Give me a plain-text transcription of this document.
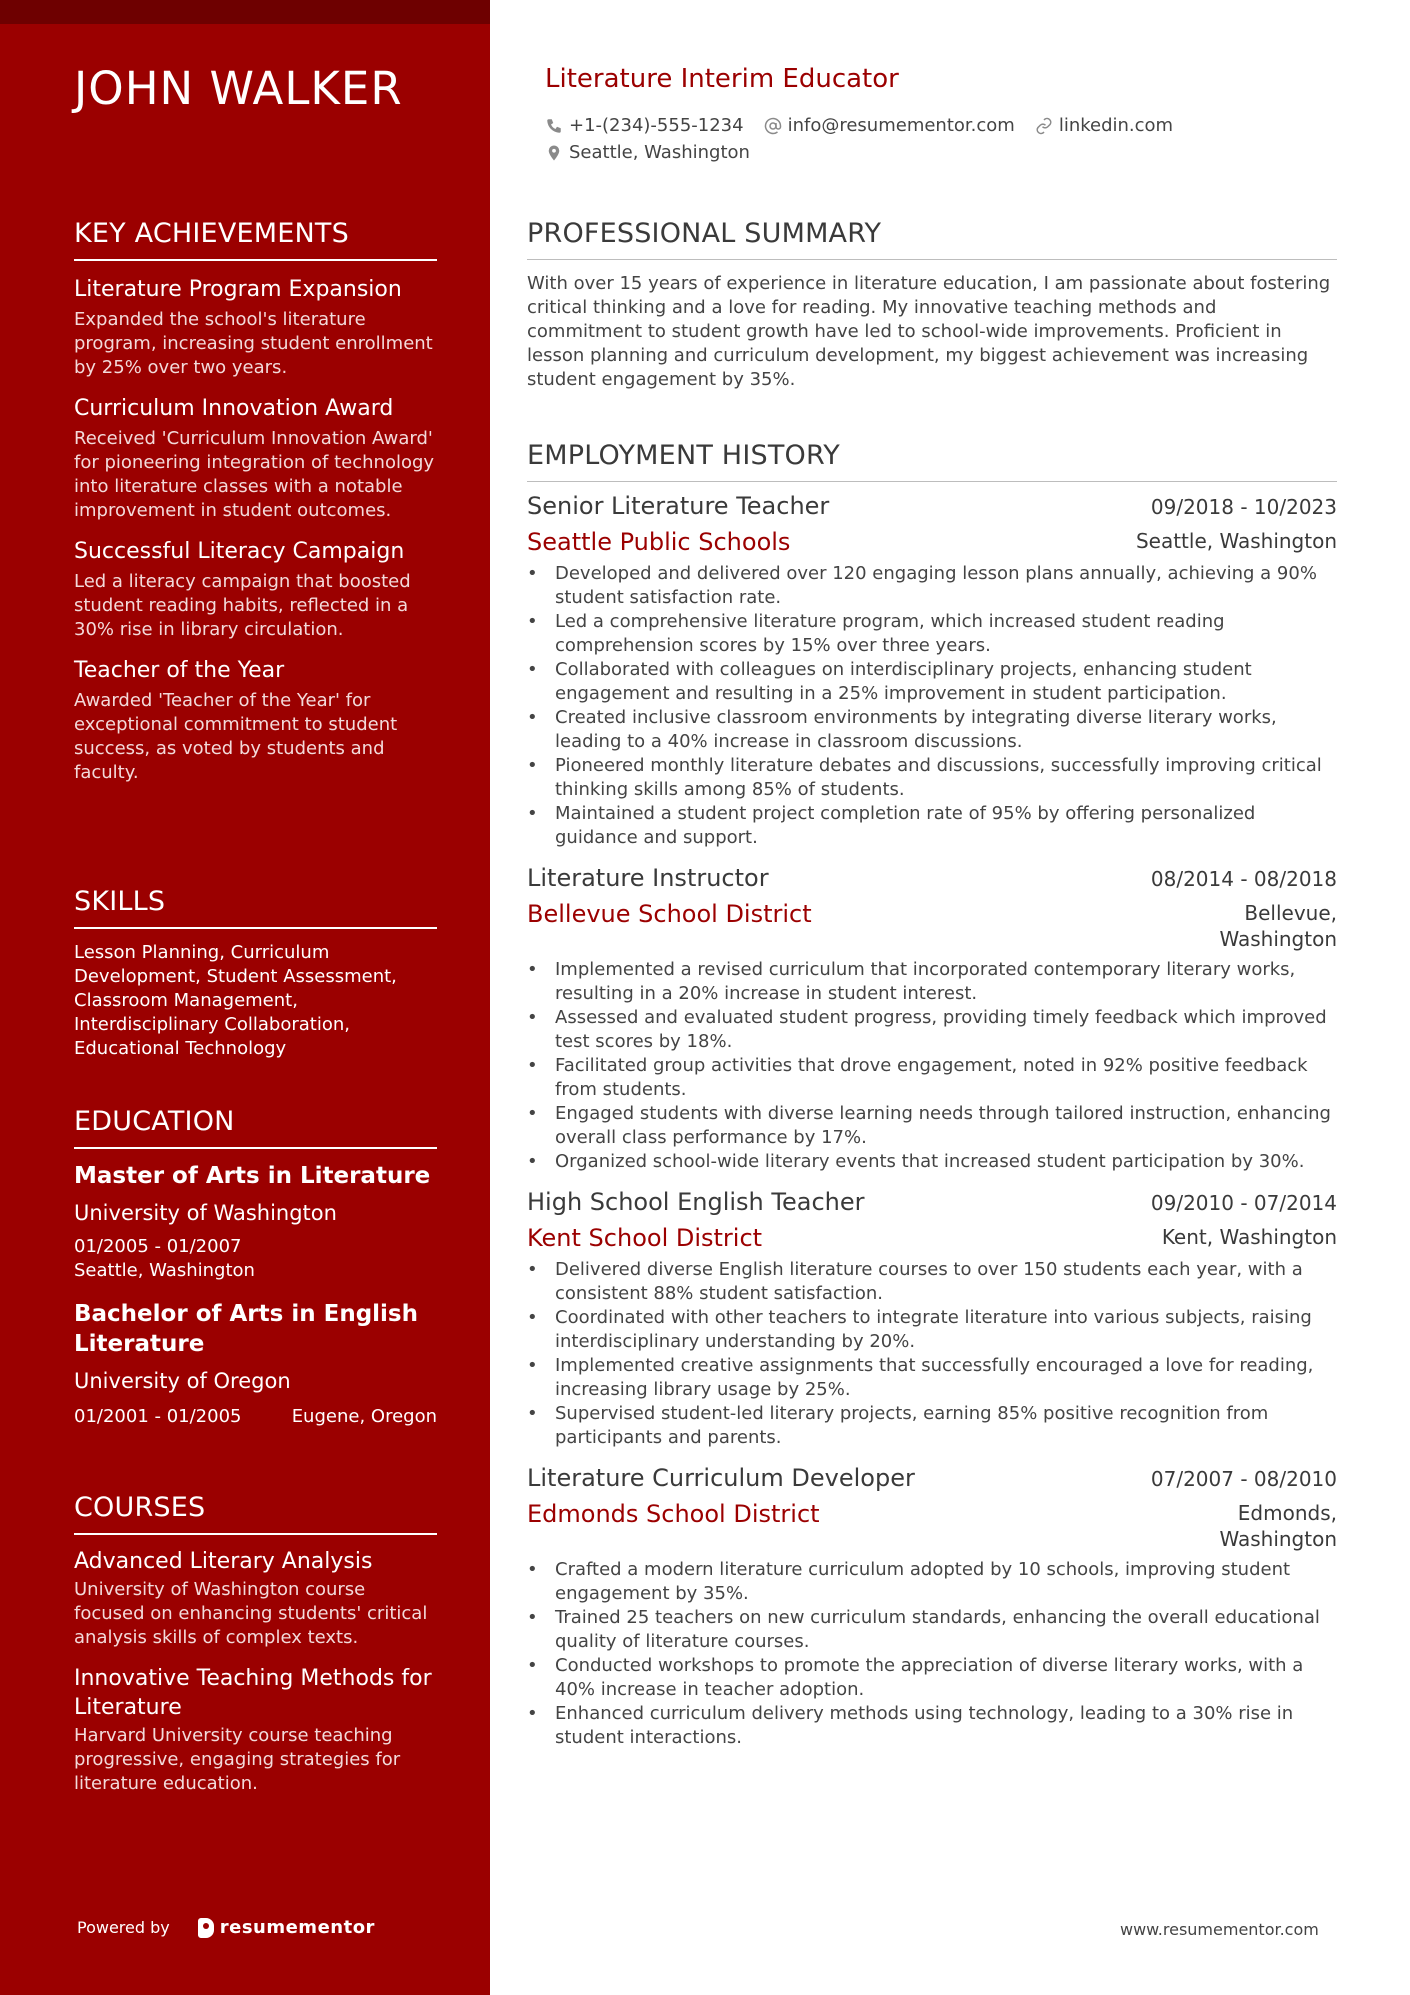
JOHN WALKER
KEY ACHIEVEMENTS
Literature Program Expansion
Expanded the school's literature program, increasing student enrollment by 25% over two years.
Curriculum Innovation Award
Received 'Curriculum Innovation Award' for pioneering integration of technology into literature classes with a notable improvement in student outcomes.
Successful Literacy Campaign
Led a literacy campaign that boosted student reading habits, reflected in a 30% rise in library circulation.
Teacher of the Year
Awarded 'Teacher of the Year' for exceptional commitment to student success, as voted by students and faculty.
SKILLS
Lesson Planning, Curriculum Development, Student Assessment, Classroom Management, Interdisciplinary Collaboration, Educational Technology
EDUCATION
Master of Arts in Literature
University of Washington
01/2005 - 01/2007
Seattle, Washington
Bachelor of Arts in English Literature
University of Oregon
01/2001 - 01/2005	Eugene, Oregon
COURSES
Advanced Literary Analysis
University of Washington course focused on enhancing students' critical analysis skills of complex texts.
Innovative Teaching Methods for Literature
Harvard University course teaching progressive, engaging strategies for literature education.
Powered by	resumementor
Literature Interim Educator
+1-(234)-555-1234 info@resumementor.com linkedin.com
Seattle, Washington
PROFESSIONAL SUMMARY

With over 15 years of experience in literature education, I am passionate about fostering critical thinking and a love for reading. My innovative teaching methods and commitment to student growth have led to school-wide improvements. Proficient in lesson planning and curriculum development, my biggest achievement was increasing student engagement by 35%.

EMPLOYMENT HISTORY
Senior Literature Teacher	09/2018 - 10/2023
Seattle Public Schools	Seattle, Washington
• Developed and delivered over 120 engaging lesson plans annually, achieving a 90% student satisfaction rate.
• Led a comprehensive literature program, which increased student reading comprehension scores by 15% over three years.
• Collaborated with colleagues on interdisciplinary projects, enhancing student engagement and resulting in a 25% improvement in student participation.
• Created inclusive classroom environments by integrating diverse literary works, leading to a 40% increase in classroom discussions.
• Pioneered monthly literature debates and discussions, successfully improving critical thinking skills among 85% of students.
• Maintained a student project completion rate of 95% by offering personalized guidance and support.
Literature Instructor	08/2014 - 08/2018
Bellevue School District	Bellevue, Washington
• Implemented a revised curriculum that incorporated contemporary literary works, resulting in a 20% increase in student interest.
• Assessed and evaluated student progress, providing timely feedback which improved test scores by 18%.
• Facilitated group activities that drove engagement, noted in 92% positive feedback from students.
• Engaged students with diverse learning needs through tailored instruction, enhancing overall class performance by 17%.
• Organized school-wide literary events that increased student participation by 30%.
High School English Teacher	09/2010 - 07/2014
Kent School District	Kent, Washington
• Delivered diverse English literature courses to over 150 students each year, with a consistent 88% student satisfaction.
• Coordinated with other teachers to integrate literature into various subjects, raising interdisciplinary understanding by 20%.
• Implemented creative assignments that successfully encouraged a love for reading, increasing library usage by 25%.
• Supervised student-led literary projects, earning 85% positive recognition from participants and parents.
Literature Curriculum Developer	07/2007 - 08/2010
Edmonds School District	Edmonds, Washington
• Crafted a modern literature curriculum adopted by 10 schools, improving student engagement by 35%.
• Trained 25 teachers on new curriculum standards, enhancing the overall educational quality of literature courses.
• Conducted workshops to promote the appreciation of diverse literary works, with a 40% increase in teacher adoption.
• Enhanced curriculum delivery methods using technology, leading to a 30% rise in student interactions.
www.resumementor.com
